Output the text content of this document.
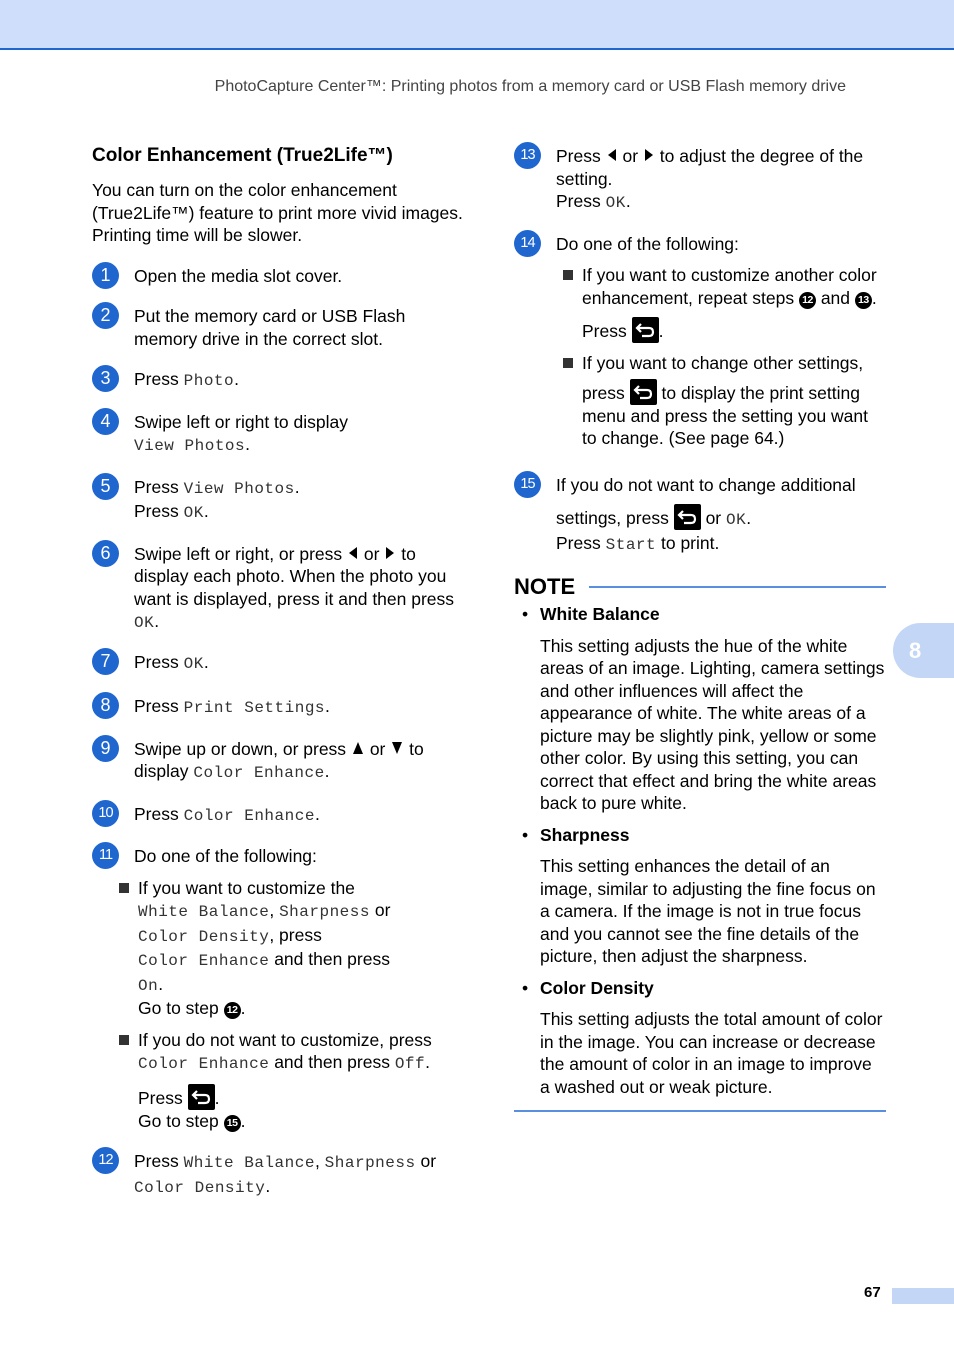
PhotoCapture Center™: Printing photos from a memory card or USB Flash memory drive
8
67
Color Enhancement (True2Life™)
You can turn on the color enhancement (True2Life™) feature to print more vivid images. Printing time will be slower.
1	Open the media slot cover.
2	Put the memory card or USB Flash memory drive in the correct slot.
3	Press Photo.
4	Swipe left or right to display
View Photos.
5	Press View Photos.
Press OK.
6	Swipe left or right, or press or to display each photo. When the photo you want is displayed, press it and then press OK.
7	Press OK.
8	Press Print Settings.
9	Swipe up or down, or press or to
display Color Enhance.
10	Press Color Enhance.
11	Do one of the following:
If you want to customize the
White Balance, Sharpness or
Color Density, press
Color Enhance and then press
On.
Go to step 12 .
If you do not want to customize, press Color Enhance and then press Off.
Press
.
Go to step 15 .
12	Press White Balance, Sharpness or
Color Density.
13	Press or to adjust the degree of the setting.
Press OK.
14	Do one of the following:
If you want to customize another color enhancement, repeat steps 12 and 13 .
Press
.
If you want to change other settings,
press
to display the print setting menu and press the setting you want to change. (See page 64.)
15	If you do not want to change additional
settings, press
or OK.
Press Start to print.
NOTE
• White Balance
This setting adjusts the hue of the white areas of an image. Lighting, camera settings and other influences will affect the appearance of white. The white areas of a picture may be slightly pink, yellow or some other color. By using this setting, you can correct that effect and bring the white areas back to pure white.
• Sharpness
This setting enhances the detail of an image, similar to adjusting the fine focus on a camera. If the image is not in true focus and you cannot see the fine details of the picture, then adjust the sharpness.
• Color Density
This setting adjusts the total amount of color in the image. You can increase or decrease the amount of color in an image to improve a washed out or weak picture.
